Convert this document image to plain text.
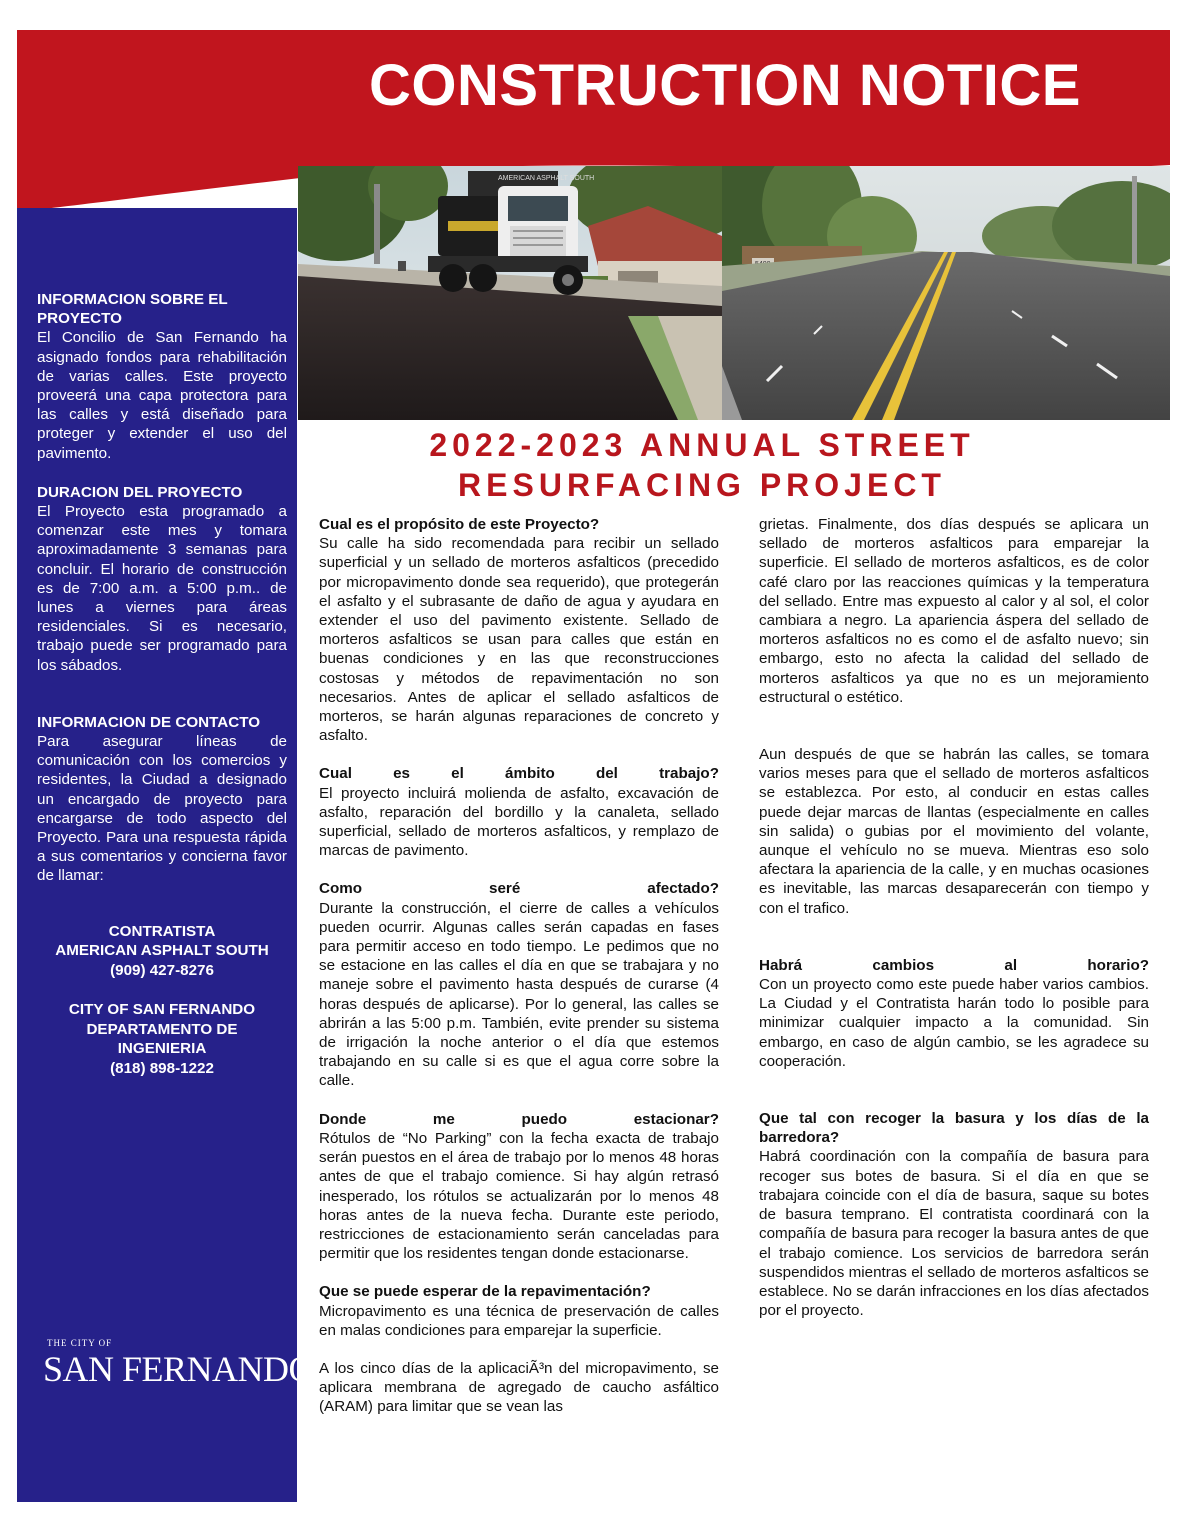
CONSTRUCTION NOTICE
INFORMACION SOBRE EL PROYECTO

El Concilio de San Fernando ha asignado fondos para rehabilitación de varias calles. Este proyecto proveerá una capa protectora para las calles y está diseñado para proteger y extender el uso del pavimento.

DURACION DEL PROYECTO

El Proyecto esta programado a comenzar este mes y tomara aproximadamente 3 semanas para concluir. El horario de construcción es de 7:00 a.m. a 5:00 p.m.. de lunes a viernes para áreas residenciales. Si es necesario, trabajo puede ser programado para los sábados.

INFORMACION DE CONTACTO

Para asegurar líneas de comunicación con los comercios y residentes, la Ciudad a designado un encargado de proyecto para encargarse de todo aspecto del Proyecto. Para una respuesta rápida a sus comentarios y concierna favor de llamar:

CONTRATISTA
AMERICAN ASPHALT SOUTH
(909) 427-8276
CITY OF SAN FERNANDO
DEPARTAMENTO DE
INGENIERIA
(818) 898-1222
THE CITY OF
SAN FERNANDO
AMERICAN ASPHALT SOUTH
2022-2023 ANNUAL STREET
RESURFACING PROJECT

Cual es el propósito de este Proyecto?

Su calle ha sido recomendada para recibir un sellado superficial y un sellado de morteros asfalticos (precedido por micropavimento donde sea requerido), que protegerán el asfalto y el subrasante de daño de agua y ayudara en extender el uso del pavimento existente. Sellado de morteros asfalticos se usan para calles que están en buenas condiciones y en las que reconstrucciones costosas y métodos de repavimentación no son necesarios. Antes de aplicar el sellado asfalticos de morteros, se harán algunas reparaciones de concreto y asfalto.

Cual es el ámbito del trabajo?

El proyecto incluirá molienda de asfalto, excavación de asfalto, reparación del bordillo y la canaleta, sellado superficial, sellado de morteros asfalticos, y remplazo de marcas de pavimento.

Como seré afectado?

Durante la construcción, el cierre de calles a vehículos pueden ocurrir. Algunas calles serán capadas en fases para permitir acceso en todo tiempo. Le pedimos que no se estacione en las calles el día en que se trabajara y no maneje sobre el pavimento hasta después de curarse (4 horas después de aplicarse). Por lo general, las calles se abrirán a las 5:00 p.m. También, evite prender su sistema de irrigación la noche anterior o el día que estemos trabajando en su calle si es que el agua corre sobre la calle.

Donde me puedo estacionar?

Rótulos de “No Parking” con la fecha exacta de trabajo serán puestos en el área de trabajo por lo menos 48 horas antes de que el trabajo comience. Si hay algún retrasó inesperado, los rótulos se actualizarán por lo menos 48 horas antes de la nueva fecha. Durante este periodo, restricciones de estacionamiento serán canceladas para permitir que los residentes tengan donde estacionarse.

Que se puede esperar de la repavimentación?

Micropavimento es una técnica de preservación de calles en malas condiciones para emparejar la superficie.

A los cinco días de la aplicaciÃ³n del micropavimento, se aplicara membrana de agregado de caucho asfáltico (ARAM) para limitar que se vean las

grietas. Finalmente, dos días después se aplicara un sellado de morteros asfalticos para emparejar la superficie. El sellado de morteros asfalticos, es de color café claro por las reacciones químicas y la temperatura del sellado. Entre mas expuesto al calor y al sol, el color cambiara a negro. La apariencia áspera del sellado de morteros asfalticos no es como el de asfalto nuevo; sin embargo, esto no afecta la calidad del sellado de morteros asfalticos ya que no es un mejoramiento estructural o estético.

Aun después de que se habrán las calles, se tomara varios meses para que el sellado de morteros asfalticos se establezca. Por esto, al conducir en estas calles puede dejar marcas de llantas (especialmente en calles sin salida) o gubias por el movimiento del volante, aunque el vehículo no se mueva. Mientras eso solo afectara la apariencia de la calle, y en muchas ocasiones es inevitable, las marcas desaparecerán con tiempo y con el trafico.

Habrá cambios al horario?

Con un proyecto como este puede haber varios cambios. La Ciudad y el Contratista harán todo lo posible para minimizar cualquier impacto a la comunidad. Sin embargo, en caso de algún cambio, se les agradece su cooperación.

Que tal con recoger la basura y los días de la barredora?

Habrá coordinación con la compañía de basura para recoger sus botes de basura. Si el día en que se trabajara coincide con el día de basura, saque su botes de basura temprano. El contratista coordinará con la compañía de basura para recoger la basura antes de que el trabajo comience. Los servicios de barredora serán suspendidos mientras el sellado de morteros asfalticos se establece. No se darán infracciones en los días afectados por el proyecto.
